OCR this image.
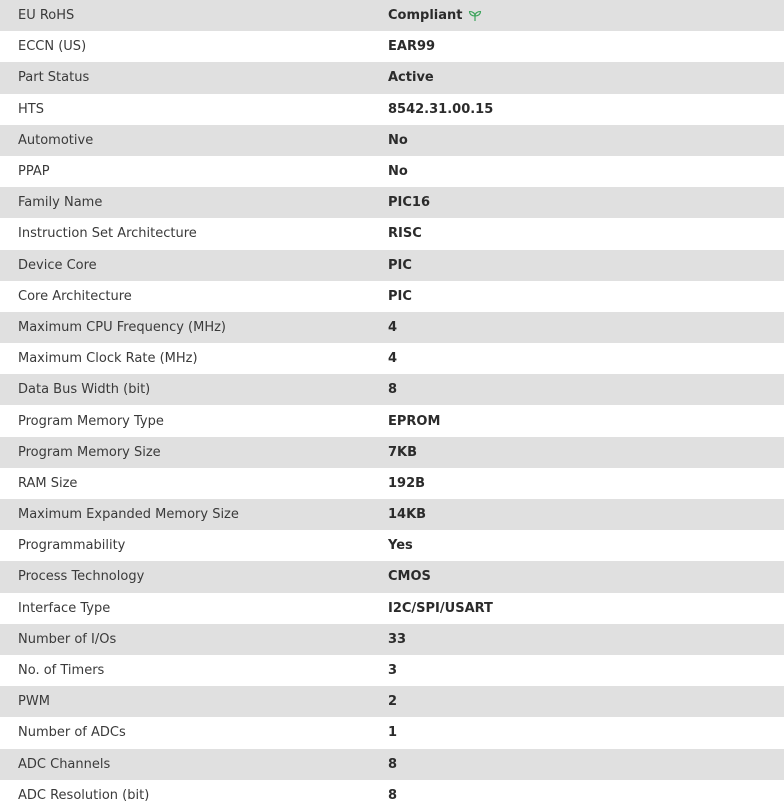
EU RoHS	Compliant
ECCN (US)	EAR99
Part Status	Active
HTS	8542.31.00.15
Automotive	No
PPAP	No
Family Name	PIC16
Instruction Set Architecture	RISC
Device Core	PIC
Core Architecture	PIC
Maximum CPU Frequency (MHz)	4
Maximum Clock Rate (MHz)	4
Data Bus Width (bit)	8
Program Memory Type	EPROM
Program Memory Size	7KB
RAM Size	192B
Maximum Expanded Memory Size	14KB
Programmability	Yes
Process Technology	CMOS
Interface Type	I2C/SPI/USART
Number of I/Os	33
No. of Timers	3
PWM	2
Number of ADCs	1
ADC Channels	8
ADC Resolution (bit)	8
